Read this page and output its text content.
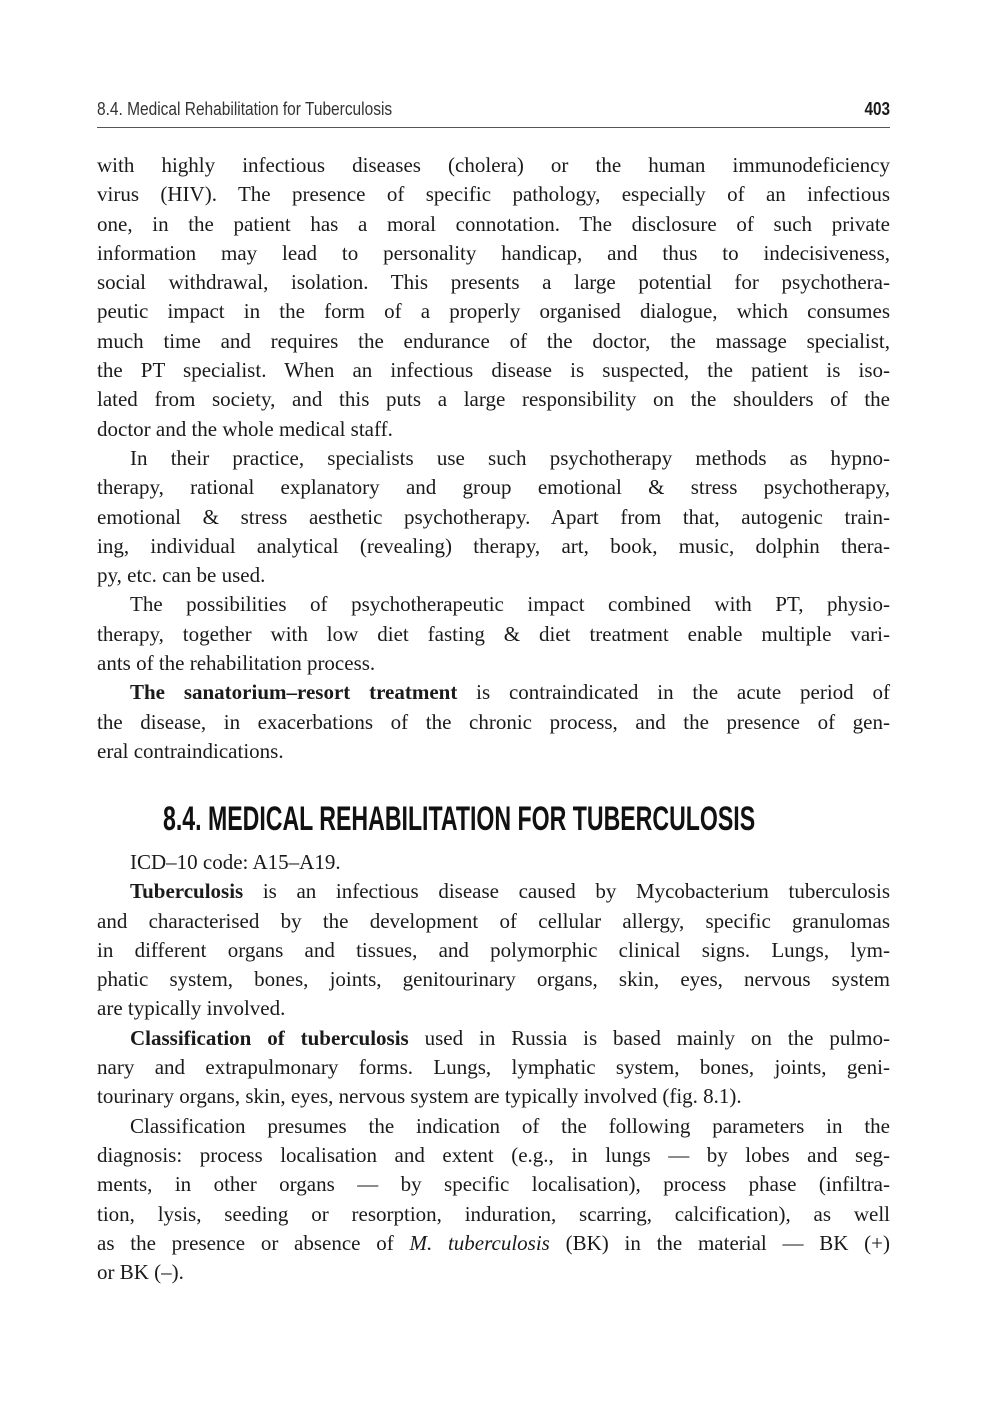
8.4. Medical Rehabilitation for Tuberculosis	403
with highly infectious diseases (cholera) or the human immunodeficiency
virus (HIV). The presence of specific pathology, especially of an infectious
one, in the patient has a moral connotation. The disclosure of such private
information may lead to personality handicap, and thus to indecisiveness,
social withdrawal, isolation. This presents a large potential for psychothera-
peutic impact in the form of a properly organised dialogue, which consumes
much time and requires the endurance of the doctor, the massage specialist,
the PT specialist. When an infectious disease is suspected, the patient is iso-
lated from society, and this puts a large responsibility on the shoulders of the
doctor and the whole medical staff.
In their practice, specialists use such psychotherapy methods as hypno-
therapy, rational explanatory and group emotional & stress psychotherapy,
emotional & stress aesthetic psychotherapy. Apart from that, autogenic train-
ing, individual analytical (revealing) therapy, art, book, music, dolphin thera-
py, etc. can be used.
The possibilities of psychotherapeutic impact combined with PT, physio-
therapy, together with low diet fasting & diet treatment enable multiple vari-
ants of the rehabilitation process.
The sanatorium–resort treatment is contraindicated in the acute period of
the disease, in exacerbations of the chronic process, and the presence of gen-
eral contraindications.
8.4. MEDICAL REHABILITATION FOR TUBERCULOSIS
ICD–10 code: A15–A19.
Tuberculosis is an infectious disease caused by Mycobacterium tuberculosis
and characterised by the development of cellular allergy, specific granulomas
in different organs and tissues, and polymorphic clinical signs. Lungs, lym-
phatic system, bones, joints, genitourinary organs, skin, eyes, nervous system
are typically involved.
Classification of tuberculosis used in Russia is based mainly on the pulmo-
nary and extrapulmonary forms. Lungs, lymphatic system, bones, joints, geni-
tourinary organs, skin, eyes, nervous system are typically involved (fig. 8.1).
Classification presumes the indication of the following parameters in the
diagnosis: process localisation and extent (e.g., in lungs — by lobes and seg-
ments, in other organs — by specific localisation), process phase (infiltra-
tion, lysis, seeding or resorption, induration, scarring, calcification), as well
as the presence or absence of M. tuberculosis (BK) in the material — BK (+)
or BK (–).
